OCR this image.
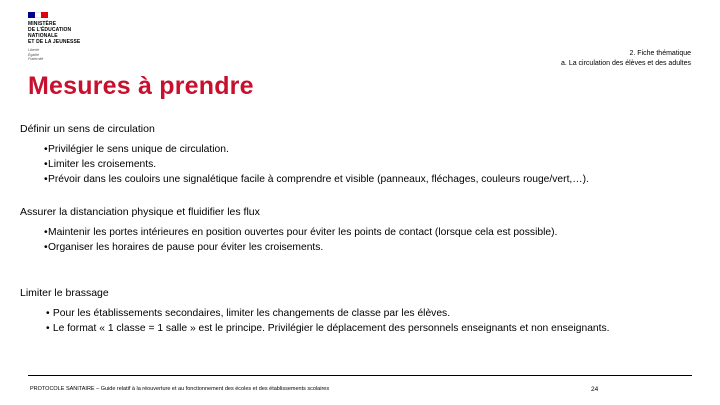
MINISTÈRE
DE L’ÉDUCATION
NATIONALE
ET DE LA JEUNESSE
Liberté
Égalité
Fraternité
2. Fiche thématique
a. La circulation des élèves et des adultes
Mesures à prendre
Définir un sens de circulation
•Privilégier le sens unique de circulation.
•Limiter les croisements.
•Prévoir dans les couloirs une signalétique facile à comprendre et visible (panneaux, fléchages, couleurs rouge/vert,…).
Assurer la distanciation physique et fluidifier les flux
•Maintenir les portes intérieures en position ouvertes pour éviter les points de contact (lorsque cela est possible).
•Organiser les horaires de pause pour éviter les croisements.
Limiter le brassage
• Pour les établissements secondaires, limiter les changements de classe par les élèves.
• Le format « 1 classe = 1 salle » est le principe. Privilégier le déplacement des personnels enseignants et non enseignants.
PROTOCOLE SANITAIRE – Guide relatif à la réouverture et au fonctionnement des écoles et des établissements scolaires	24
